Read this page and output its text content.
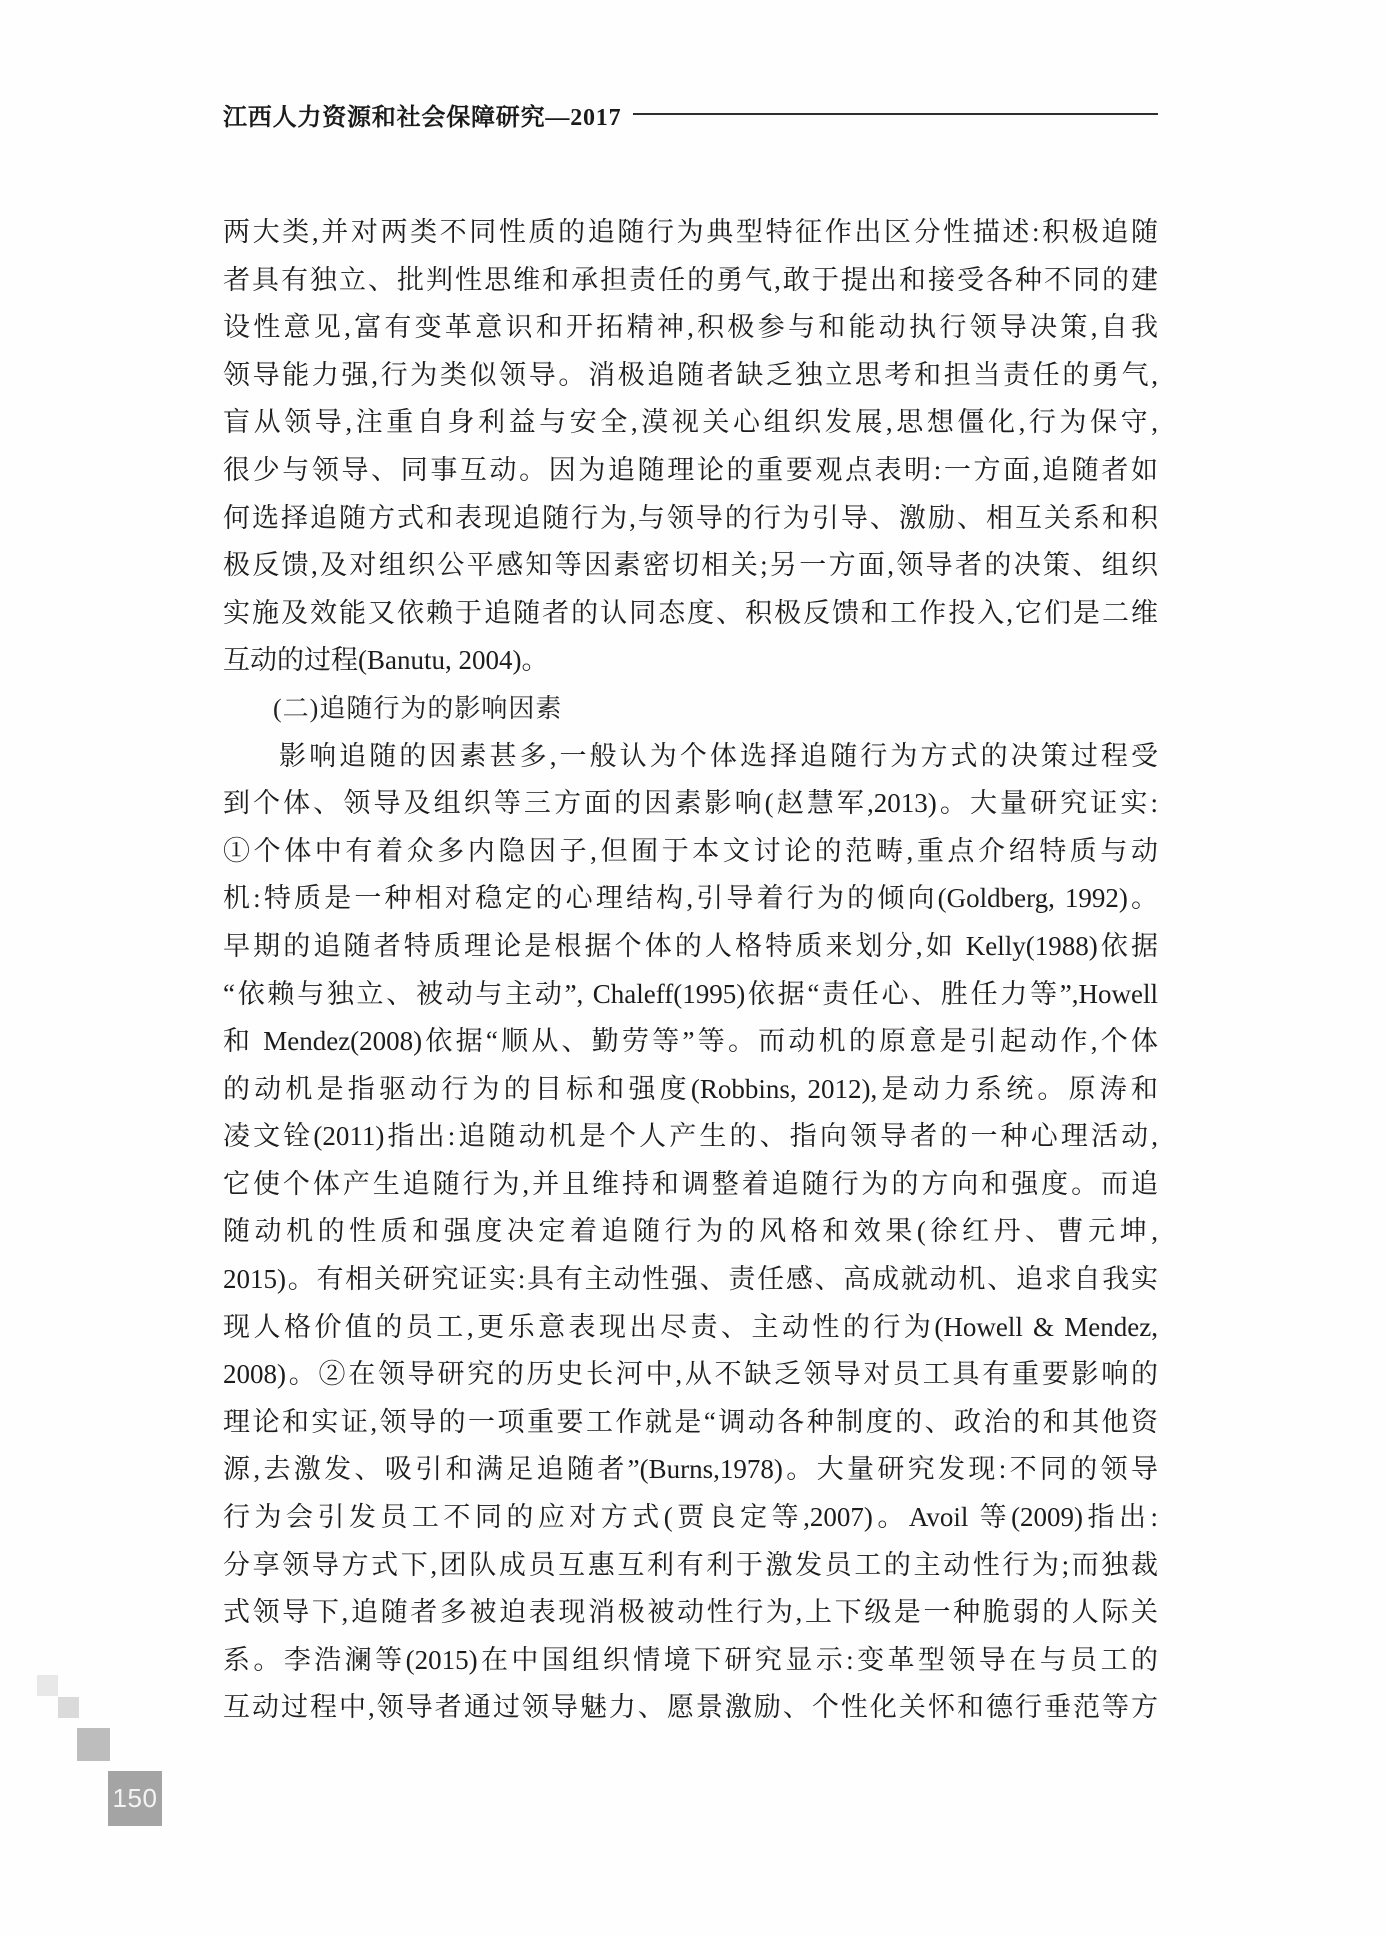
江西人力资源和社会保障研究—2017
两大类,并对两类不同性质的追随行为典型特征作出区分性描述:积极追随
者具有独立、批判性思维和承担责任的勇气,敢于提出和接受各种不同的建
设性意见,富有变革意识和开拓精神,积极参与和能动执行领导决策,自我
领导能力强,行为类似领导。消极追随者缺乏独立思考和担当责任的勇气,
盲从领导,注重自身利益与安全,漠视关心组织发展,思想僵化,行为保守,
很少与领导、同事互动。因为追随理论的重要观点表明:一方面,追随者如
何选择追随方式和表现追随行为,与领导的行为引导、激励、相互关系和积
极反馈,及对组织公平感知等因素密切相关;另一方面,领导者的决策、组织
实施及效能又依赖于追随者的认同态度、积极反馈和工作投入,它们是二维
互动的过程(Banutu, 2004)。
(二)追随行为的影响因素
影响追随的因素甚多,一般认为个体选择追随行为方式的决策过程受
到个体、领导及组织等三方面的因素影响(赵慧军,2013)。大量研究证实:
①个体中有着众多内隐因子,但囿于本文讨论的范畴,重点介绍特质与动
机:特质是一种相对稳定的心理结构,引导着行为的倾向(Goldberg, 1992)。
早期的追随者特质理论是根据个体的人格特质来划分,如 Kelly(1988)依据
“依赖与独立、被动与主动”, Chaleff(1995)依据“责任心、胜任力等”,Howell
和 Mendez(2008)依据“顺从、勤劳等”等。而动机的原意是引起动作,个体
的动机是指驱动行为的目标和强度(Robbins, 2012),是动力系统。原涛和
凌文铨(2011)指出:追随动机是个人产生的、指向领导者的一种心理活动,
它使个体产生追随行为,并且维持和调整着追随行为的方向和强度。而追
随动机的性质和强度决定着追随行为的风格和效果(徐红丹、曹元坤,
2015)。有相关研究证实:具有主动性强、责任感、高成就动机、追求自我实
现人格价值的员工,更乐意表现出尽责、主动性的行为(Howell & Mendez,
2008)。②在领导研究的历史长河中,从不缺乏领导对员工具有重要影响的
理论和实证,领导的一项重要工作就是“调动各种制度的、政治的和其他资
源,去激发、吸引和满足追随者”(Burns,1978)。大量研究发现:不同的领导
行为会引发员工不同的应对方式(贾良定等,2007)。Avoil 等(2009)指出:
分享领导方式下,团队成员互惠互利有利于激发员工的主动性行为;而独裁
式领导下,追随者多被迫表现消极被动性行为,上下级是一种脆弱的人际关
系。李浩澜等(2015)在中国组织情境下研究显示:变革型领导在与员工的
互动过程中,领导者通过领导魅力、愿景激励、个性化关怀和德行垂范等方
150
